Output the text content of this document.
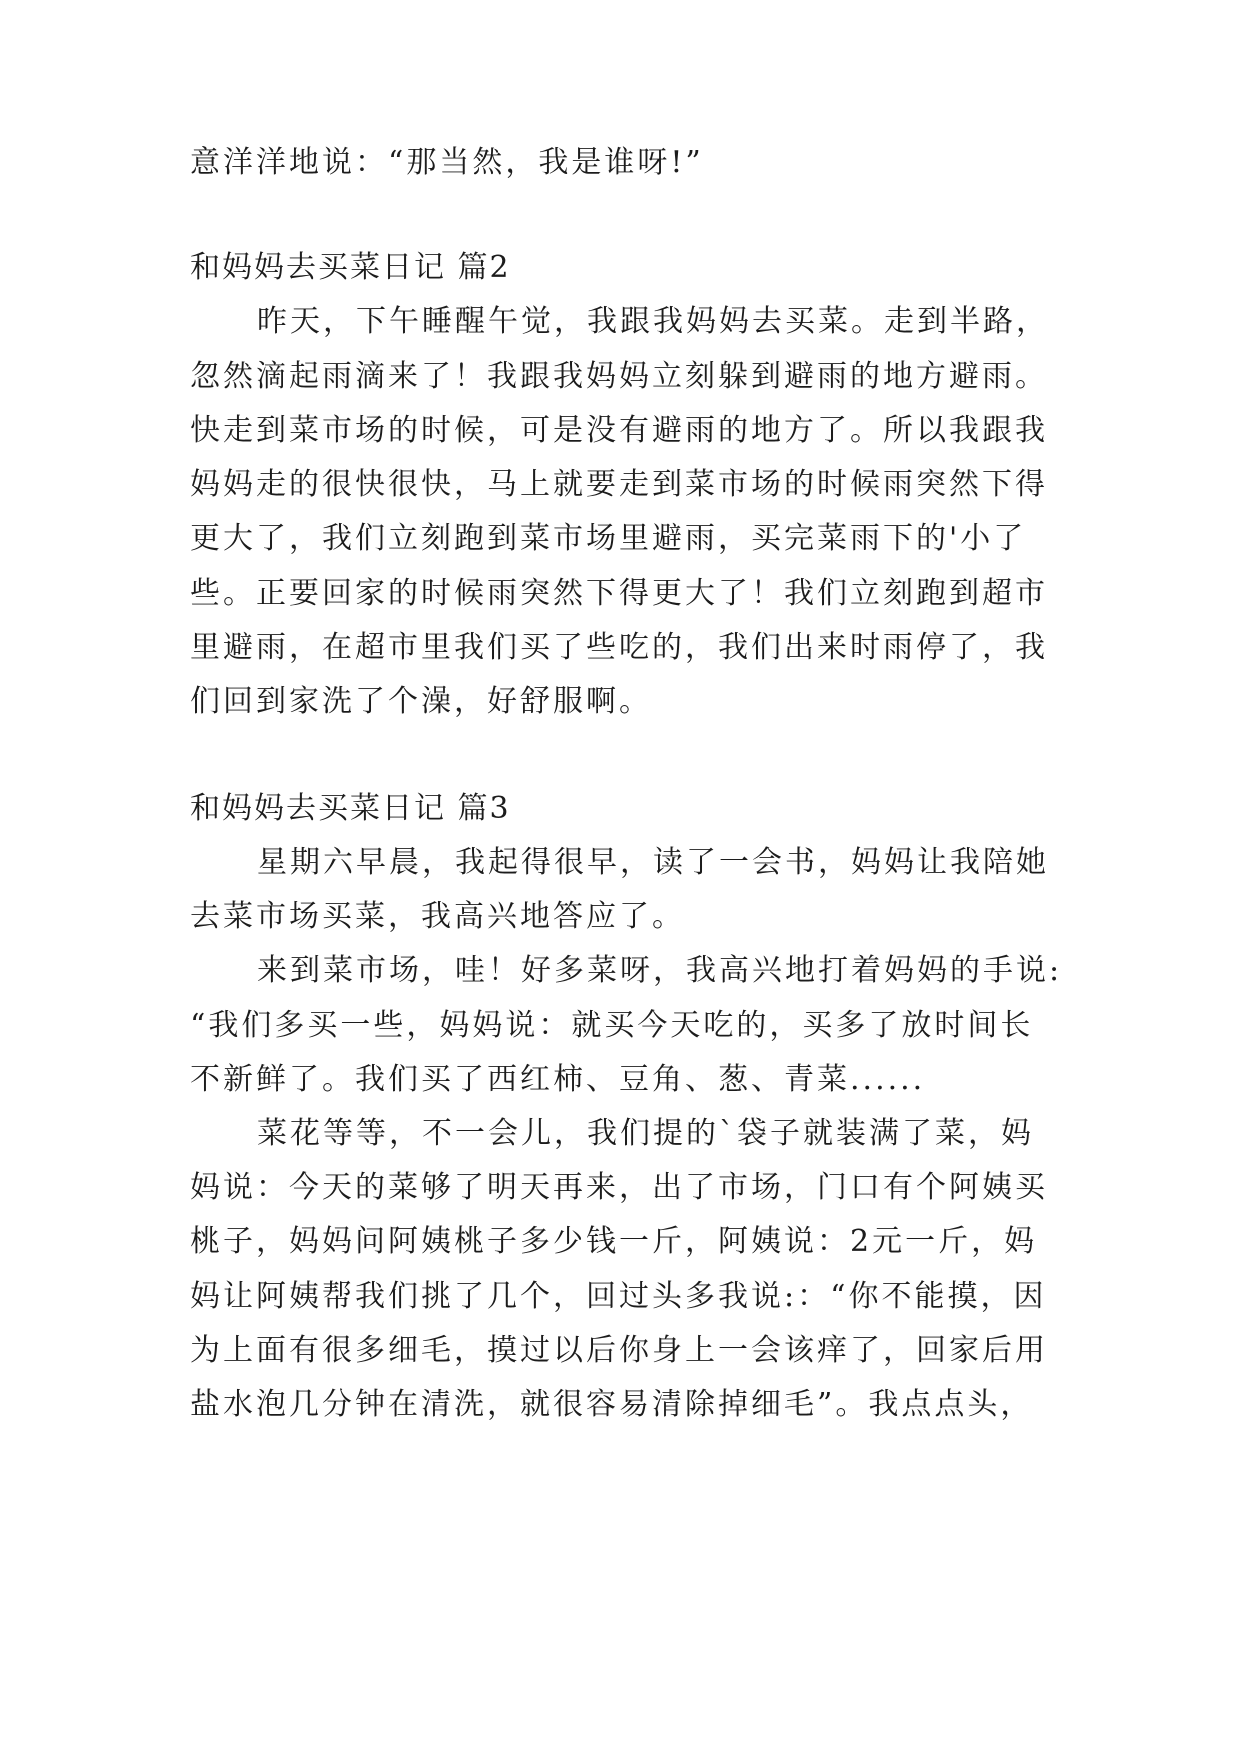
意洋洋地说：“那当然，我是谁呀!”
和妈妈去买菜日记 篇2
昨天，下午睡醒午觉，我跟我妈妈去买菜。走到半路，
忽然滴起雨滴来了！我跟我妈妈立刻躲到避雨的地方避雨。
快走到菜市场的时候，可是没有避雨的地方了。所以我跟我
妈妈走的很快很快，马上就要走到菜市场的时候雨突然下得
更大了，我们立刻跑到菜市场里避雨，买完菜雨下的'小了
些。正要回家的时候雨突然下得更大了！我们立刻跑到超市
里避雨，在超市里我们买了些吃的，我们出来时雨停了，我
们回到家洗了个澡，好舒服啊。
和妈妈去买菜日记 篇3
星期六早晨，我起得很早，读了一会书，妈妈让我陪她
去菜市场买菜，我高兴地答应了。
来到菜市场，哇！好多菜呀，我高兴地打着妈妈的手说:
“我们多买一些，妈妈说：就买今天吃的，买多了放时间长
不新鲜了。我们买了西红柿、豆角、葱、青菜......
菜花等等，不一会儿，我们提的`袋子就装满了菜，妈
妈说：今天的菜够了明天再来，出了市场，门口有个阿姨买
桃子，妈妈问阿姨桃子多少钱一斤，阿姨说：2元一斤，妈
妈让阿姨帮我们挑了几个，回过头多我说:：“你不能摸，因
为上面有很多细毛，摸过以后你身上一会该痒了，回家后用
盐水泡几分钟在清洗，就很容易清除掉细毛”。我点点头，
